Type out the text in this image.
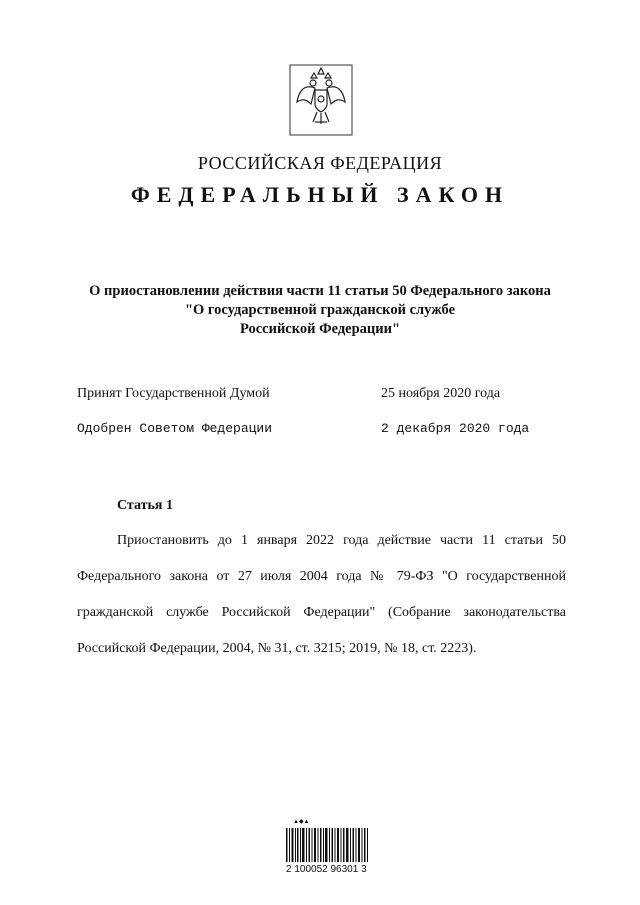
РОССИЙСКАЯ ФЕДЕРАЦИЯ
ФЕДЕРАЛЬНЫЙ ЗАКОН
О приостановлении действия части 11 статьи 50 Федерального закона
"О государственной гражданской службе
Российской Федерации"
Принят Государственной Думой	25 ноября 2020 года
Одобрен Советом Федерации	2 декабря 2020 года
Статья 1
Приостановить до 1 января 2022 года действие части 11 статьи 50
Федерального закона от 27 июля 2004 года № 79-ФЗ "О государственной
гражданской службе Российской Федерации" (Собрание законодательства
Российской Федерации, 2004, № 31, ст. 3215; 2019, № 18, ст. 2223).
▲◆▲
2 100052 96301 3
